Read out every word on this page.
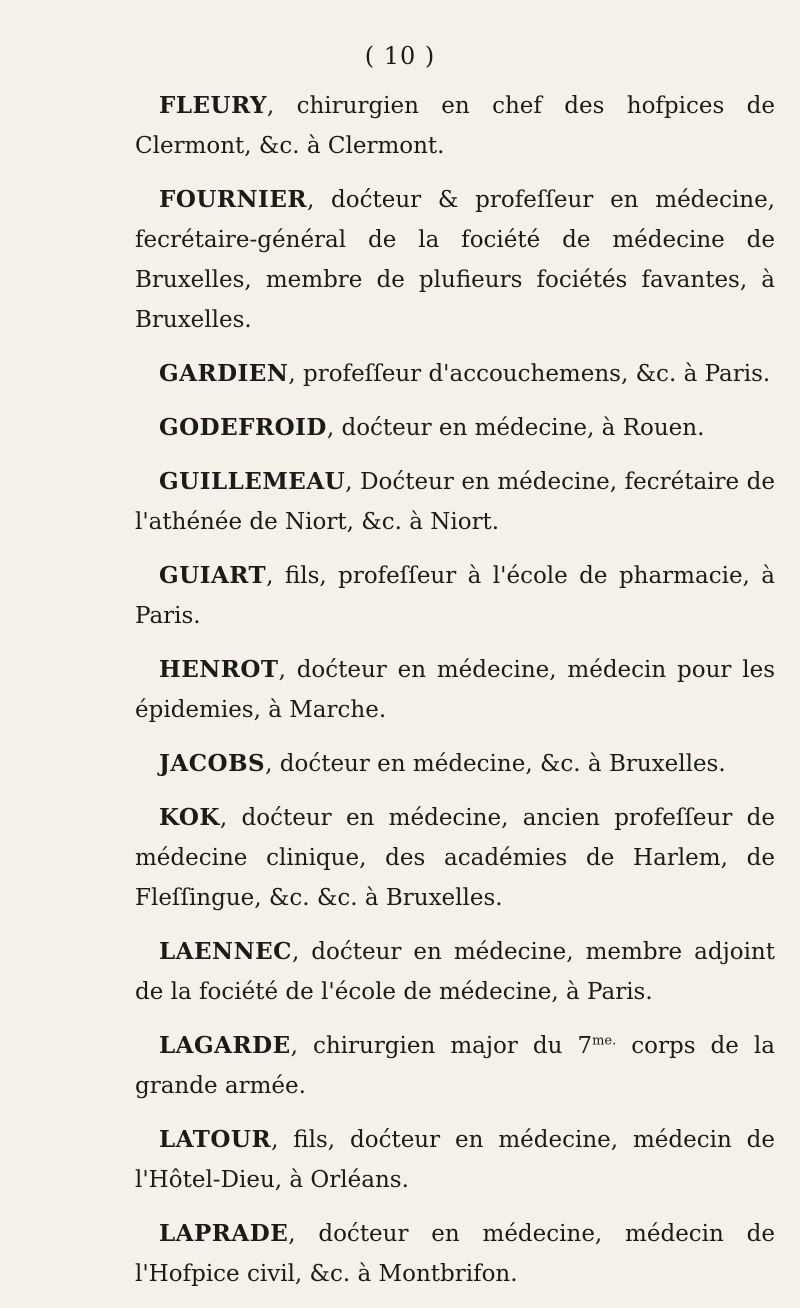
( 10 )

FLEURY, chirurgien en chef des hofpices de Clermont, &c. à Clermont.

FOURNIER, doćteur & profeſſeur en médecine, fecrétaire-général de la fociété de médecine de Bruxelles, membre de plufieurs fociétés favantes, à Bruxelles.

GARDIEN, profeſſeur d'accouchemens, &c. à Paris.

GODEFROID, doćteur en médecine, à Rouen.

GUILLEMEAU, Doćteur en médecine, fecrétaire de l'athénée de Niort, &c. à Niort.

GUIART, fils, profeſſeur à l'école de pharmacie, à Paris.

HENROT, doćteur en médecine, médecin pour les épidemies, à Marche.

JACOBS, doćteur en médecine, &c. à Bruxelles.

KOK, doćteur en médecine, ancien profeſſeur de médecine clinique, des académies de Harlem, de Fleſſingue, &c. &c. à Bruxelles.

LAENNEC, doćteur en médecine, membre adjoint de la fociété de l'école de médecine, à Paris.

LAGARDE, chirurgien major du $7^{me.}$ corps de la grande armée.

LATOUR, fils, doćteur en médecine, médecin de l'Hôtel-Dieu, à Orléans.

LAPRADE, doćteur en médecine, médecin de l'Hofpice civil, &c. à Montbrifon.
